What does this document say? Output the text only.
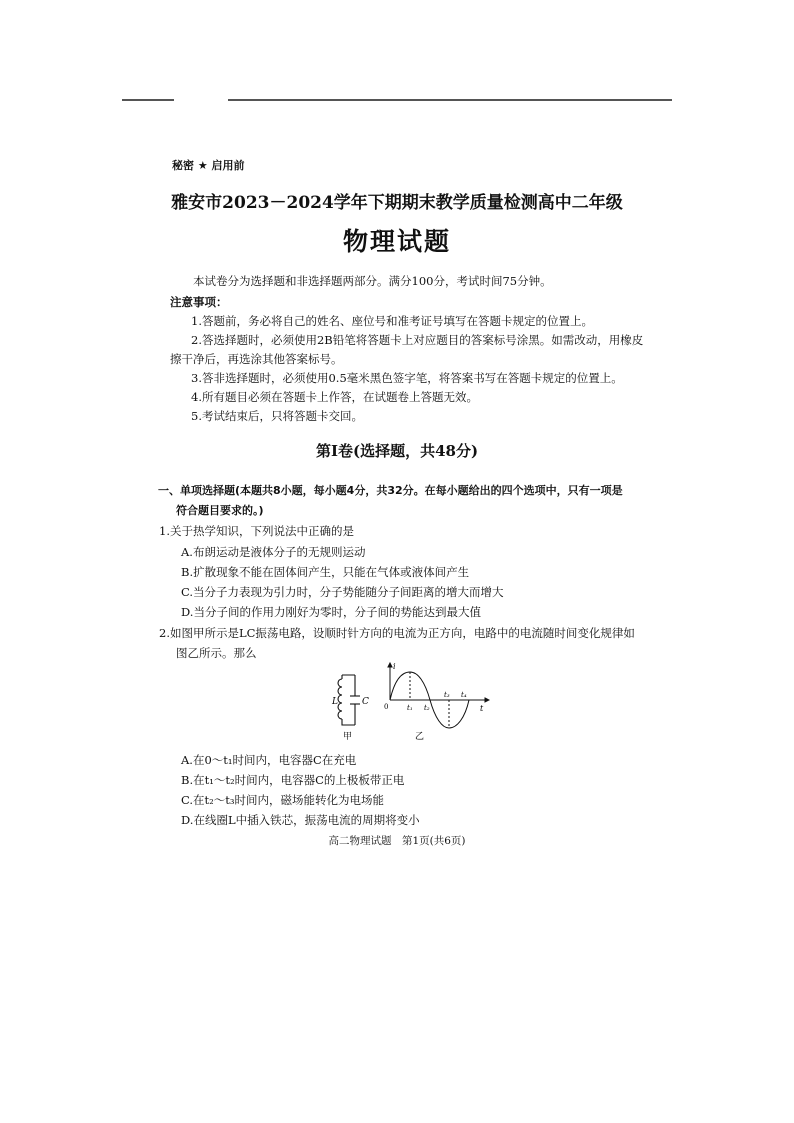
秘密 ★ 启用前
雅安市2023－2024学年下期期末教学质量检测高中二年级
物理试题
本试卷分为选择题和非选择题两部分。满分100分，考试时间75分钟。
注意事项：
1.答题前，务必将自己的姓名、座位号和准考证号填写在答题卡规定的位置上。
2.答选择题时，必须使用2B铅笔将答题卡上对应题目的答案标号涂黑。如需改动，用橡皮
擦干净后，再选涂其他答案标号。
3.答非选择题时，必须使用0.5毫米黑色签字笔，将答案书写在答题卡规定的位置上。
4.所有题目必须在答题卡上作答，在试题卷上答题无效。
5.考试结束后，只将答题卡交回。
第Ⅰ卷(选择题，共48分)
一、单项选择题(本题共8小题，每小题4分，共32分。在每小题给出的四个选项中，只有一项是
符合题目要求的。)
1.关于热学知识，下列说法中正确的是
A.布朗运动是液体分子的无规则运动
B.扩散现象不能在固体间产生，只能在气体或液体间产生
C.当分子力表现为引力时，分子势能随分子间距离的增大而增大
D.当分子间的作用力刚好为零时，分子间的势能达到最大值
2.如图甲所示是LC振荡电路，设顺时针方向的电流为正方向，电路中的电流随时间变化规律如
图乙所示。那么
L	C
甲
i
t
0	t₁ t₂
t₃ t₄
乙
A.在0～t₁时间内，电容器C在充电
B.在t₁～t₂时间内，电容器C的上极板带正电
C.在t₂～t₃时间内，磁场能转化为电场能
D.在线圈L中插入铁芯，振荡电流的周期将变小
高二物理试题　第1页(共6页)
